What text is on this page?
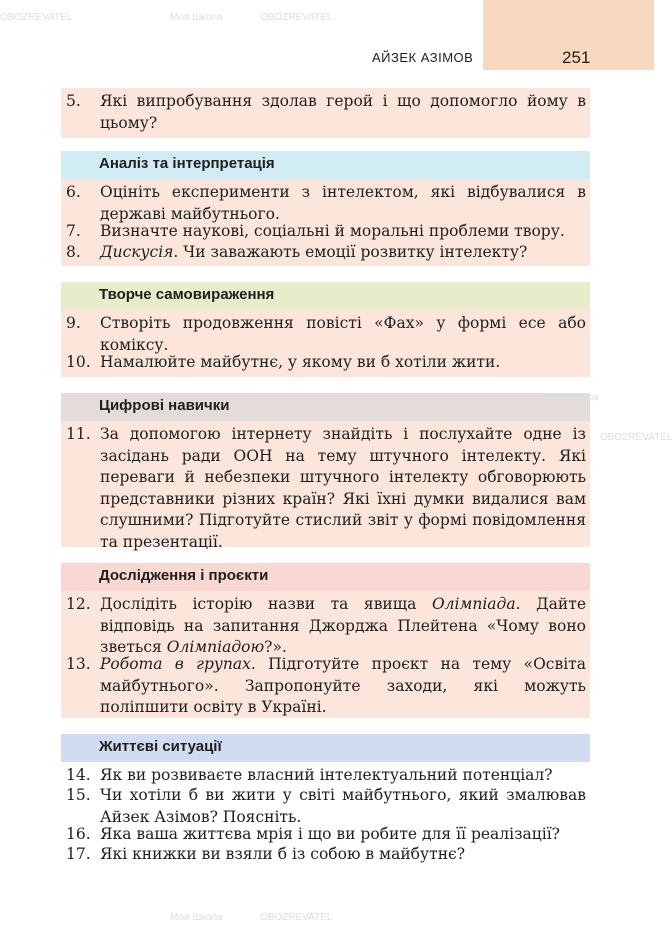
АЙЗЕК АЗІМОВ	251
Аналіз та інтерпретація
Творче самовираження
Цифрові навички
Дослідження і проєкти
Життєві ситуації
5. Які випробування здолав герой і що допомогло йому в цьому?
6. Оцініть експерименти з інтелектом, які відбувалися в державі майбутнього.
7. Визначте наукові, соціальні й моральні проблеми твору.
8. Дискусія. Чи заважають емоції розвитку інтелекту?
9. Створіть продовження повісті «Фах» у формі есе або коміксу.
10. Намалюйте майбутнє, у якому ви б хотіли жити.
11. За допомогою інтернету знайдіть і послухайте одне із засідань ради ООН на тему штучного інтелекту. Які переваги й небезпеки штучного інтелекту обговорюють представники різних країн? Які їхні думки видалися вам слушними? Підготуйте стислий звіт у формі повідомлення та презентації.
12. Дослідіть історію назви та явища Олімпіада. Дайте відповідь на запитання Джорджа Плейтена «Чому воно зветься Олімпіадою?».
13. Робота в групах. Підготуйте проєкт на тему «Освіта майбутнього». Запропонуйте заходи, які можуть поліпшити освіту в Україні.
14. Як ви розвиваєте власний інтелектуальний потенціал?
15. Чи хотіли б ви жити у світі майбутнього, який змалював Айзек Азімов? Поясніть.
16. Яка ваша життєва мрія і що ви робите для її реалізації?
17. Які книжки ви взяли б із собою в майбутнє?
OBOZREVATEL	Моя Школа	OBOZREVATEL
Моя Школа
OBOZREVATEL
Моя Школа	OBOZREVATEL
